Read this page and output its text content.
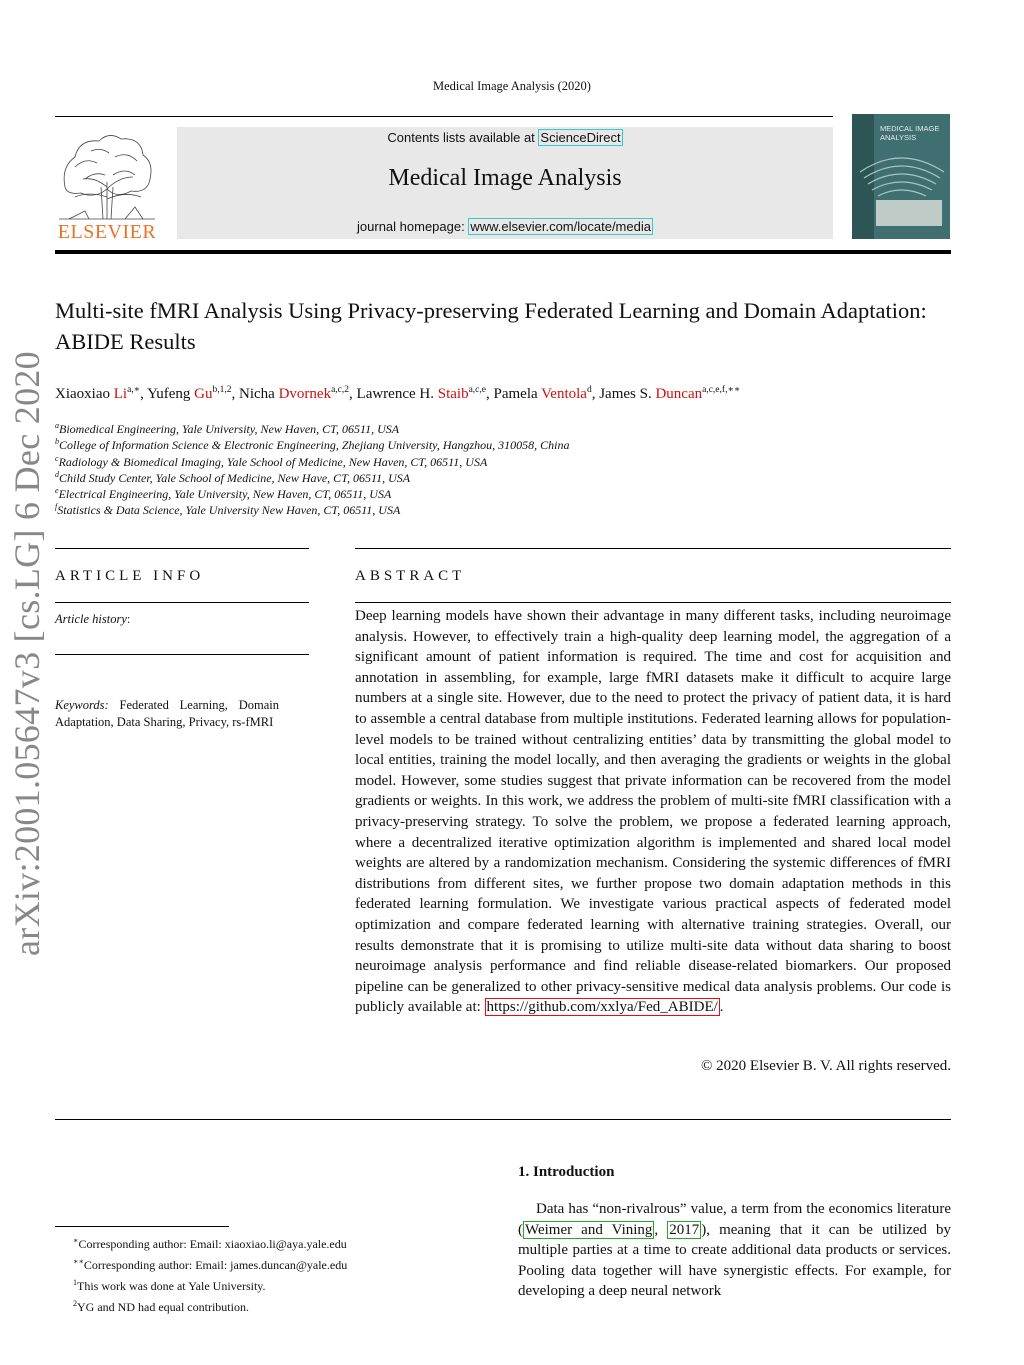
Medical Image Analysis (2020)
ELSEVIER
Contents lists available at ScienceDirect
Medical Image Analysis
journal homepage: www.elsevier.com/locate/media
MEDICAL IMAGE ANALYSIS
Multi-site fMRI Analysis Using Privacy-preserving Federated Learning and Domain Adaptation: ABIDE Results
Xiaoxiao $Li^{a,∗}$, Yufeng Gu$^{b,1,2}$, Nicha Dvornek$^{a,c,2}$, Lawrence H. Staib$^{a,c,e}$, Pamela Ventola$^d$, James S. Duncan$^{a,c,e,f,∗∗}$
$^a$Biomedical Engineering, Yale University, New Haven, CT, 06511, USA
$^b$College of Information Science & Electronic Engineering, Zhejiang University, Hangzhou, 310058, China
$^c$Radiology & Biomedical Imaging, Yale School of Medicine, New Haven, CT, 06511, USA
$^d$Child Study Center, Yale School of Medicine, New Have, CT, 06511, USA
$^e$Electrical Engineering, Yale University, New Haven, CT, 06511, USA
$^f$Statistics & Data Science, Yale University New Haven, CT, 06511, USA
arXiv:2001.05647v3 [cs.LG] 6 Dec 2020 ARTICLE INFO
Article history:
Keywords: Federated Learning, Domain Adaptation, Data Sharing, Privacy, rs-fMRI
ABSTRACT
Deep learning models have shown their advantage in many different tasks, including neuroimage analysis. However, to effectively train a high-quality deep learning model, the aggregation of a significant amount of patient information is required. The time and cost for acquisition and annotation in assembling, for example, large fMRI datasets make it difficult to acquire large numbers at a single site. However, due to the need to protect the privacy of patient data, it is hard to assemble a central database from multiple institutions. Federated learning allows for population-level models to be trained without centralizing entities’ data by transmitting the global model to local entities, training the model locally, and then averaging the gradients or weights in the global model. However, some studies suggest that private information can be recovered from the model gradients or weights. In this work, we address the problem of multi-site fMRI classification with a privacy-preserving strategy. To solve the problem, we propose a federated learning approach, where a decentralized iterative optimization algorithm is implemented and shared local model weights are altered by a randomization mechanism. Considering the systemic differences of fMRI distributions from different sites, we further propose two domain adaptation methods in this federated learning formulation. We investigate various practical aspects of federated model optimization and compare federated learning with alternative training strategies. Overall, our results demonstrate that it is promising to utilize multi-site data without data sharing to boost neuroimage analysis performance and find reliable disease-related biomarkers. Our proposed pipeline can be generalized to other privacy-sensitive medical data analysis problems. Our code is publicly available at: https://github.com/xxlya/Fed_ABIDE/ .
© 2020 Elsevier B. V. All rights reserved.
1. Introduction
Data has “non-rivalrous” value, a term from the economics literature ( Weimer and Vining , 2017 ), meaning that it can be utilized by multiple parties at a time to create additional data products or services. Pooling data together will have synergistic effects. For example, for developing a deep neural network
∗Corresponding author: Email: xiaoxiao.li@aya.yale.edu
∗∗Corresponding author: Email: james.duncan@yale.edu
$^1$This work was done at Yale University.
$^2$YG and ND had equal contribution.
